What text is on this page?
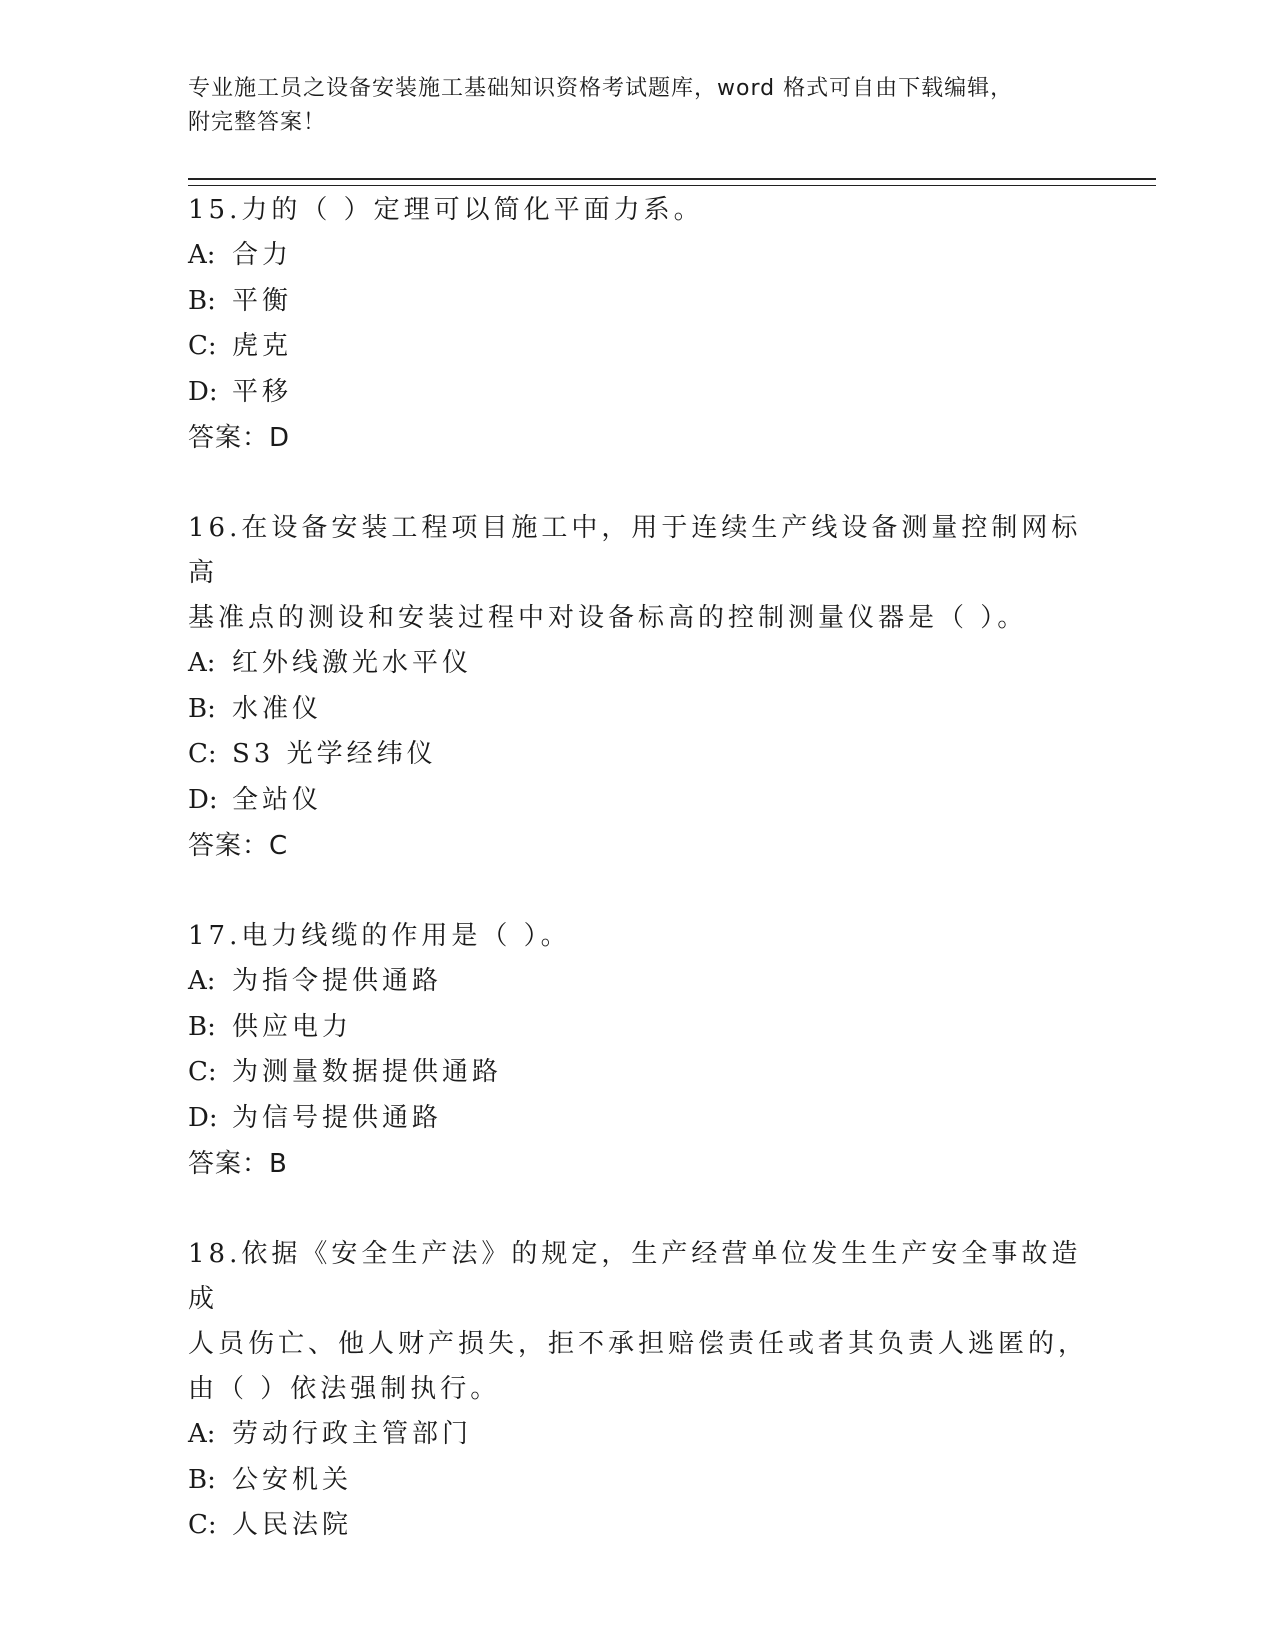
专业施工员之设备安装施工基础知识资格考试题库，word 格式可自由下载编辑，
附完整答案！
15.力的（ ）定理可以简化平面力系。
A: 合力
B: 平衡
C: 虎克
D: 平移
答案：D
16.在设备安装工程项目施工中，用于连续生产线设备测量控制网标高
基准点的测设和安装过程中对设备标高的控制测量仪器是（ ）。
A: 红外线激光水平仪
B: 水准仪
C: S3 光学经纬仪
D: 全站仪
答案：C
17.电力线缆的作用是（ ）。
A: 为指令提供通路
B: 供应电力
C: 为测量数据提供通路
D: 为信号提供通路
答案：B
18.依据《安全生产法》的规定，生产经营单位发生生产安全事故造成
人员伤亡、他人财产损失，拒不承担赔偿责任或者其负责人逃匿的，
由（ ）依法强制执行。
A: 劳动行政主管部门
B: 公安机关
C: 人民法院
